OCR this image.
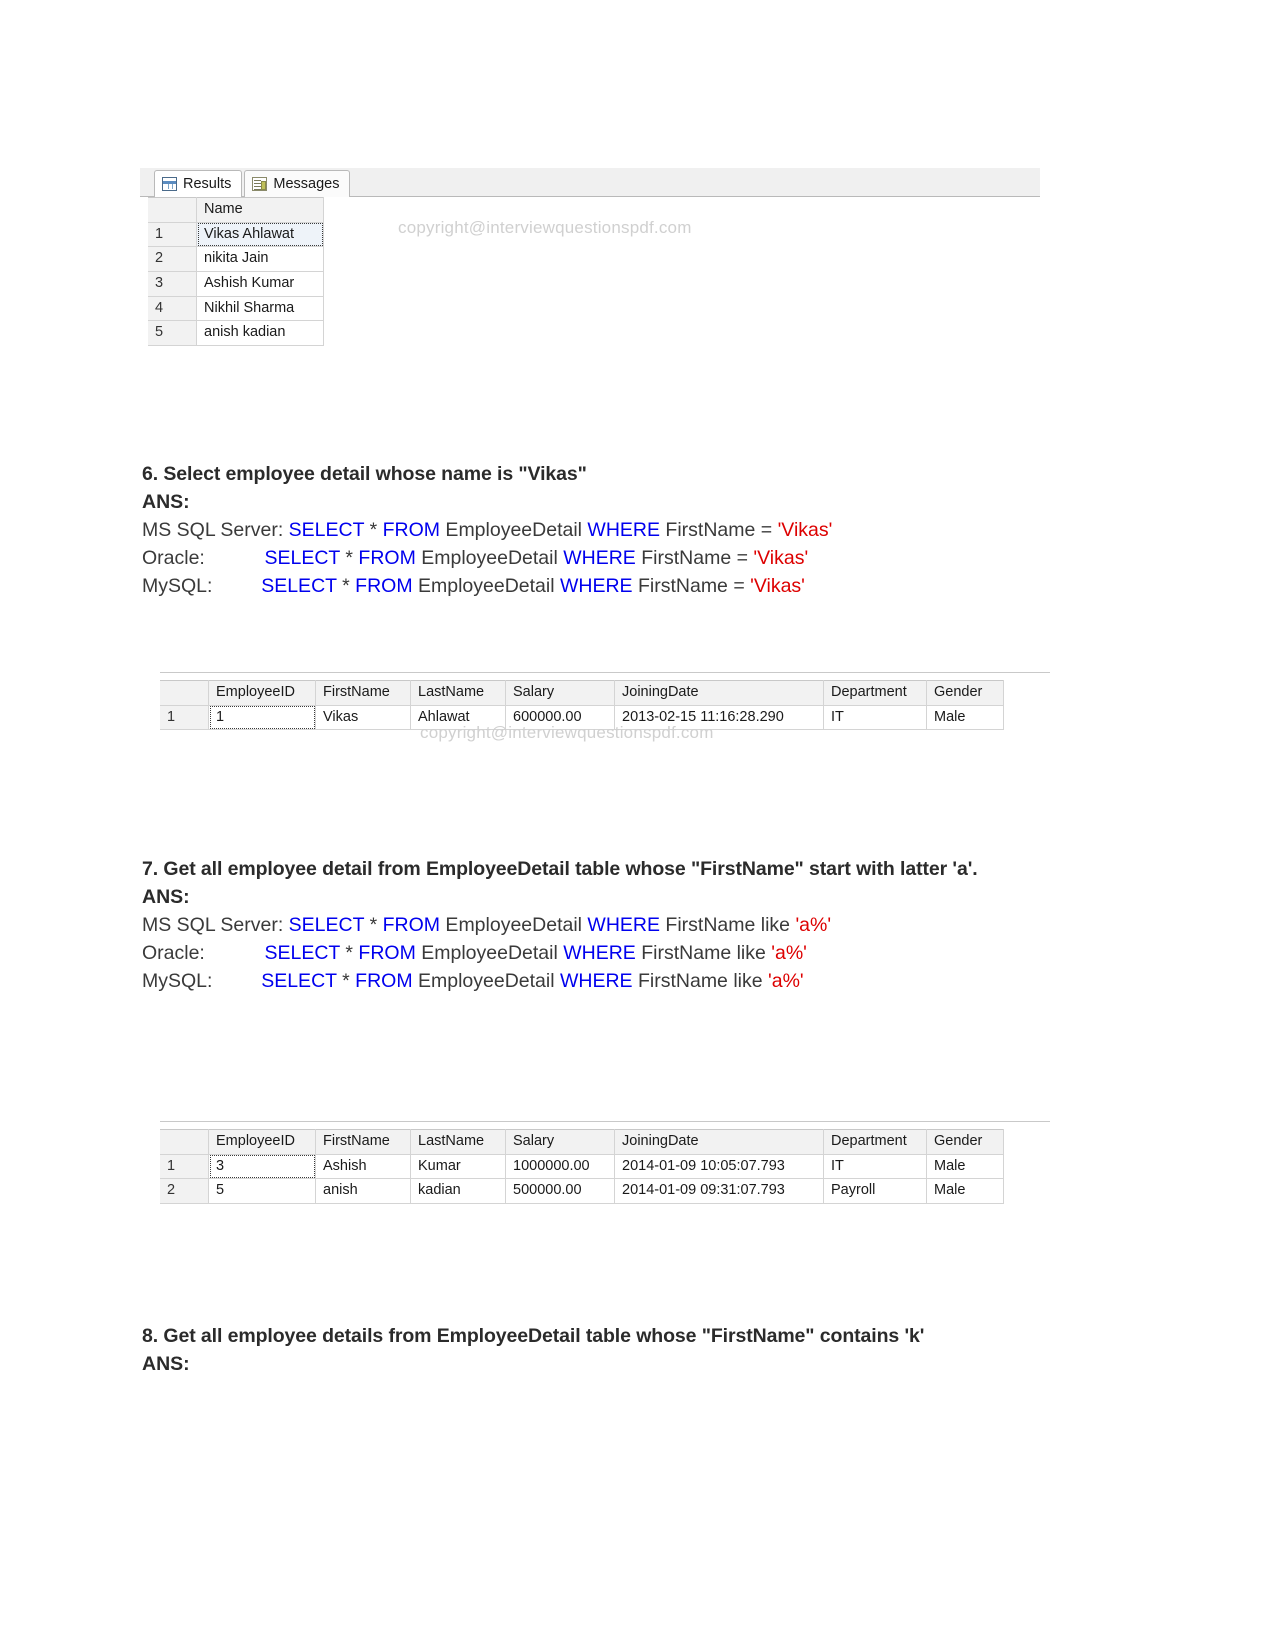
Results	Messages
	Name
1	Vikas Ahlawat
2	nikita Jain
3	Ashish Kumar
4	Nikhil Sharma
5	anish kadian
copyright@interviewquestionspdf.com
6. Select employee detail whose name is "Vikas"
ANS:
MS SQL Server: SELECT * FROM EmployeeDetail WHERE FirstName = 'Vikas'
Oracle:	SELECT * FROM EmployeeDetail WHERE FirstName = 'Vikas'
MySQL:	SELECT * FROM EmployeeDetail WHERE FirstName = 'Vikas'
	EmployeeID	FirstName	LastName	Salary	JoiningDate	Department	Gender
1	1	Vikas	Ahlawat	600000.00	2013-02-15 11:16:28.290	IT	Male
copyright@interviewquestionspdf.com
7. Get all employee detail from EmployeeDetail table whose "FirstName" start with latter 'a'.
ANS:
MS SQL Server: SELECT * FROM EmployeeDetail WHERE FirstName like 'a%'
Oracle:	SELECT * FROM EmployeeDetail WHERE FirstName like 'a%'
MySQL:	SELECT * FROM EmployeeDetail WHERE FirstName like 'a%'
	EmployeeID	FirstName	LastName	Salary	JoiningDate	Department	Gender
1	3	Ashish	Kumar	1000000.00	2014-01-09 10:05:07.793	IT	Male
2	5	anish	kadian	500000.00	2014-01-09 09:31:07.793	Payroll	Male
8. Get all employee details from EmployeeDetail table whose "FirstName" contains 'k'
ANS:
